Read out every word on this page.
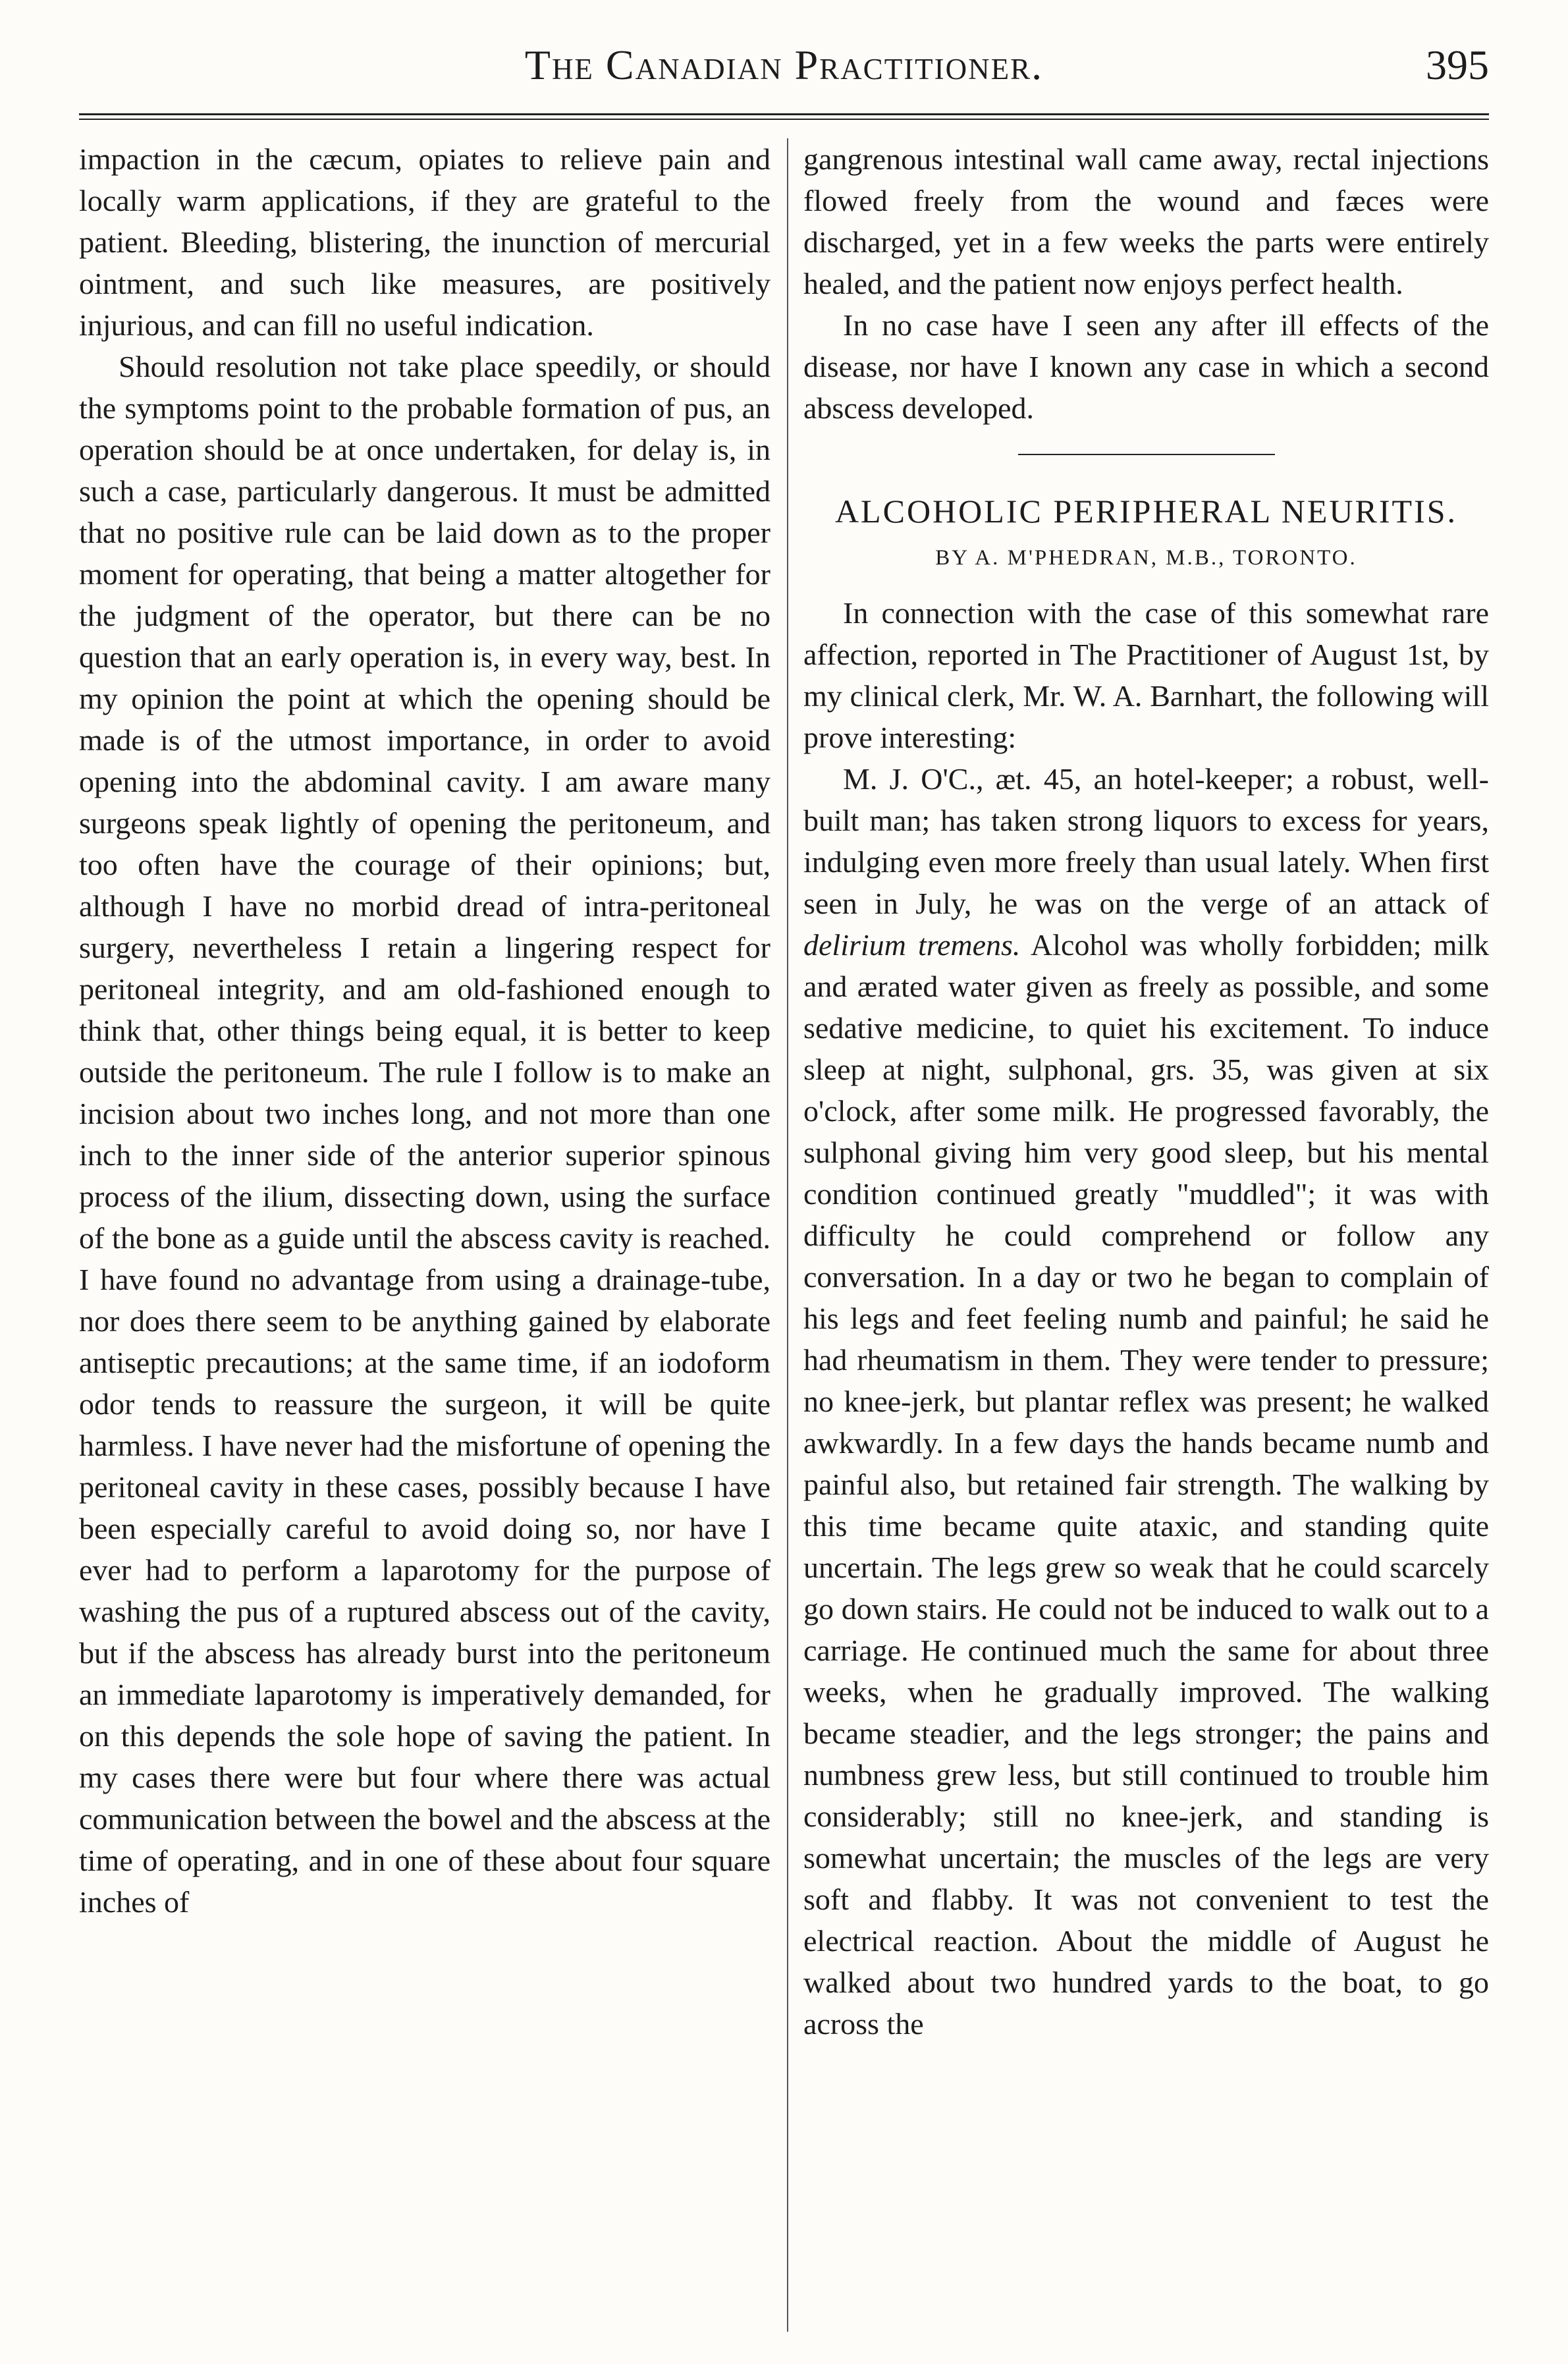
The Canadian Practitioner.	395

impaction in the cæcum, opiates to relieve pain and locally warm applications, if they are grateful to the patient. Bleeding, blistering, the inunction of mercurial ointment, and such like measures, are positively injurious, and can fill no useful indication.

Should resolution not take place speedily, or should the symptoms point to the probable formation of pus, an operation should be at once undertaken, for delay is, in such a case, particularly dangerous. It must be admitted that no positive rule can be laid down as to the proper moment for operating, that being a matter altogether for the judgment of the operator, but there can be no question that an early operation is, in every way, best. In my opinion the point at which the opening should be made is of the utmost importance, in order to avoid opening into the abdominal cavity. I am aware many surgeons speak lightly of opening the peritoneum, and too often have the courage of their opinions; but, although I have no morbid dread of intra-peritoneal surgery, nevertheless I retain a lingering respect for peritoneal integrity, and am old-fashioned enough to think that, other things being equal, it is better to keep outside the peritoneum. The rule I follow is to make an incision about two inches long, and not more than one inch to the inner side of the anterior superior spinous process of the ilium, dissecting down, using the surface of the bone as a guide until the abscess cavity is reached. I have found no advantage from using a drainage-tube, nor does there seem to be anything gained by elaborate antiseptic precautions; at the same time, if an iodoform odor tends to reassure the surgeon, it will be quite harmless. I have never had the misfortune of opening the peritoneal cavity in these cases, possibly because I have been especially careful to avoid doing so, nor have I ever had to perform a laparotomy for the purpose of washing the pus of a ruptured abscess out of the cavity, but if the abscess has already burst into the peritoneum an immediate laparotomy is imperatively demanded, for on this depends the sole hope of saving the patient. In my cases there were but four where there was actual communication between the bowel and the abscess at the time of operating, and in one of these about four square inches of

gangrenous intestinal wall came away, rectal injections flowed freely from the wound and fæces were discharged, yet in a few weeks the parts were entirely healed, and the patient now enjoys perfect health.

In no case have I seen any after ill effects of the disease, nor have I known any case in which a second abscess developed.

ALCOHOLIC PERIPHERAL NEURITIS.
BY A. M'PHEDRAN, M.B., TORONTO.

In connection with the case of this somewhat rare affection, reported in The Practitioner of August 1st, by my clinical clerk, Mr. W. A. Barnhart, the following will prove interesting:

M. J. O'C., æt. 45, an hotel-keeper; a robust, well-built man; has taken strong liquors to excess for years, indulging even more freely than usual lately. When first seen in July, he was on the verge of an attack of delirium tremens. Alcohol was wholly forbidden; milk and ærated water given as freely as possible, and some sedative medicine, to quiet his excitement. To induce sleep at night, sulphonal, grs. 35, was given at six o'clock, after some milk. He progressed favorably, the sulphonal giving him very good sleep, but his mental condition continued greatly "muddled"; it was with difficulty he could comprehend or follow any conversation. In a day or two he began to complain of his legs and feet feeling numb and painful; he said he had rheumatism in them. They were tender to pressure; no knee-jerk, but plantar reflex was present; he walked awkwardly. In a few days the hands became numb and painful also, but retained fair strength. The walking by this time became quite ataxic, and standing quite uncertain. The legs grew so weak that he could scarcely go down stairs. He could not be induced to walk out to a carriage. He continued much the same for about three weeks, when he gradually improved. The walking became steadier, and the legs stronger; the pains and numbness grew less, but still continued to trouble him considerably; still no knee-jerk, and standing is somewhat uncertain; the muscles of the legs are very soft and flabby. It was not convenient to test the electrical reaction. About the middle of August he walked about two hundred yards to the boat, to go across the
